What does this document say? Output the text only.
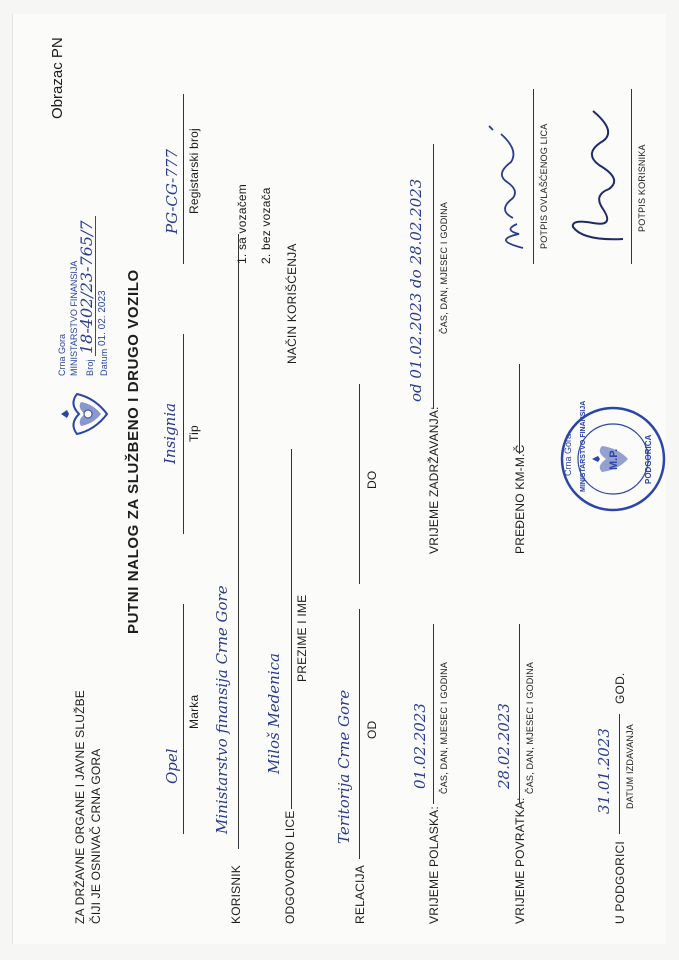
ZA DRŽAVNE ORGANE I JAVNE SLUŽBE ČIJI JE OSNIVAČ CRNA GORA
Obrazac PN
Crna Gora MINISTARSTVO FINANSIJA Broj
18-402/23-765/7
Datum
01. 02. 2023 PUTNI NALOG ZA SLUŽBENO I DRUGO VOZILO
Opel
Marka
Insignia Tip
PG-CG-777 Registarski broj
KORISNIK
Ministarstvo finansija Crne Gore
ODGOVORNO LICE
Miloš Medenica
PREZIME I IME
NAČIN KORIŠĆENJA
1. sa vozačem 2. bez vozača
RELACIJA
Teritorija Crne Gore OD
DO
VRIJEME POLASKA:
01.02.2023 ČAS, DAN, MJESEC I GODINA
VRIJEME ZADRŽAVANJA:
od 01.02.2023 do 28.02.2023 ČAS, DAN, MJESEC I GODINA
VRIJEME POVRATKA:
28.02.2023 ČAS, DAN, MJESEC I GODINA
PREĐENO KM-M.Č	Crna Gora MINISTARSTVO FINANSIJA M.P.	PODGORICA
POTPIS OVLAŠĆENOG LICA	POTPIS KORISNIKA
U PODGORICI
31.01.2023
GOD.
DATUM IZDAVANJA
